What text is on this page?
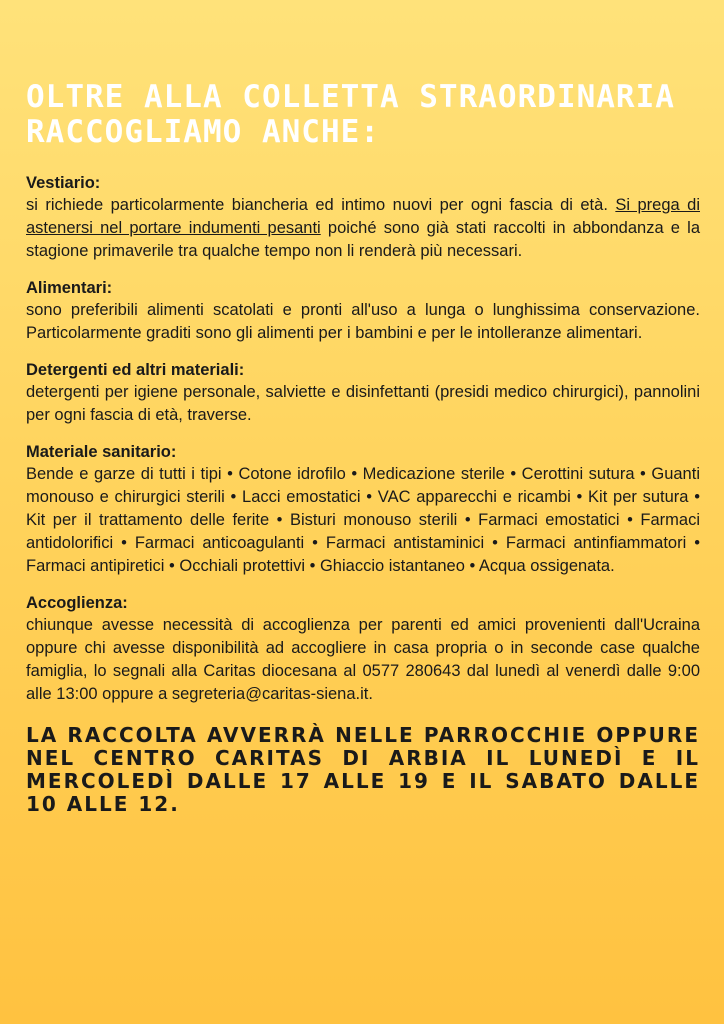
OLTRE ALLA COLLETTA STRAORDINARIA
RACCOGLIAMO ANCHE:

Vestiario:

si richiede particolarmente biancheria ed intimo nuovi per ogni fascia di età. Si prega di astenersi nel portare indumenti pesanti poiché sono già stati raccolti in abbondanza e la stagione primaverile tra qualche tempo non li renderà più necessari.

Alimentari:

sono preferibili alimenti scatolati e pronti all'uso a lunga o lunghissima conservazione. Particolarmente graditi sono gli alimenti per i bambini e per le intolleranze alimentari.

Detergenti ed altri materiali:

detergenti per igiene personale, salviette e disinfettanti (presidi medico chirurgici), pannolini per ogni fascia di età, traverse.

Materiale sanitario:

Bende e garze di tutti i tipi • Cotone idrofilo • Medicazione sterile • Cerottini sutura • Guanti monouso e chirurgici sterili • Lacci emostatici • VAC apparecchi e ricambi • Kit per sutura • Kit per il trattamento delle ferite • Bisturi monouso sterili • Farmaci emostatici • Farmaci antidolorifici • Farmaci anticoagulanti • Farmaci antistaminici • Farmaci antinfiammatori • Farmaci antipiretici • Occhiali protettivi • Ghiaccio istantaneo • Acqua ossigenata.

Accoglienza:

chiunque avesse necessità di accoglienza per parenti ed amici provenienti dall'Ucraina oppure chi avesse disponibilità ad accogliere in casa propria o in seconde case qualche famiglia, lo segnali alla Caritas diocesana al 0577 280643 dal lunedì al venerdì dalle 9:00 alle 13:00 oppure a segreteria@caritas-siena.it.

LA RACCOLTA AVVERRÀ NELLE PARROCCHIE OPPURE NEL CENTRO CARITAS DI ARBIA IL LUNEDÌ E IL MERCOLEDÌ DALLE 17 ALLE 19 E IL SABATO DALLE 10 ALLE 12.
